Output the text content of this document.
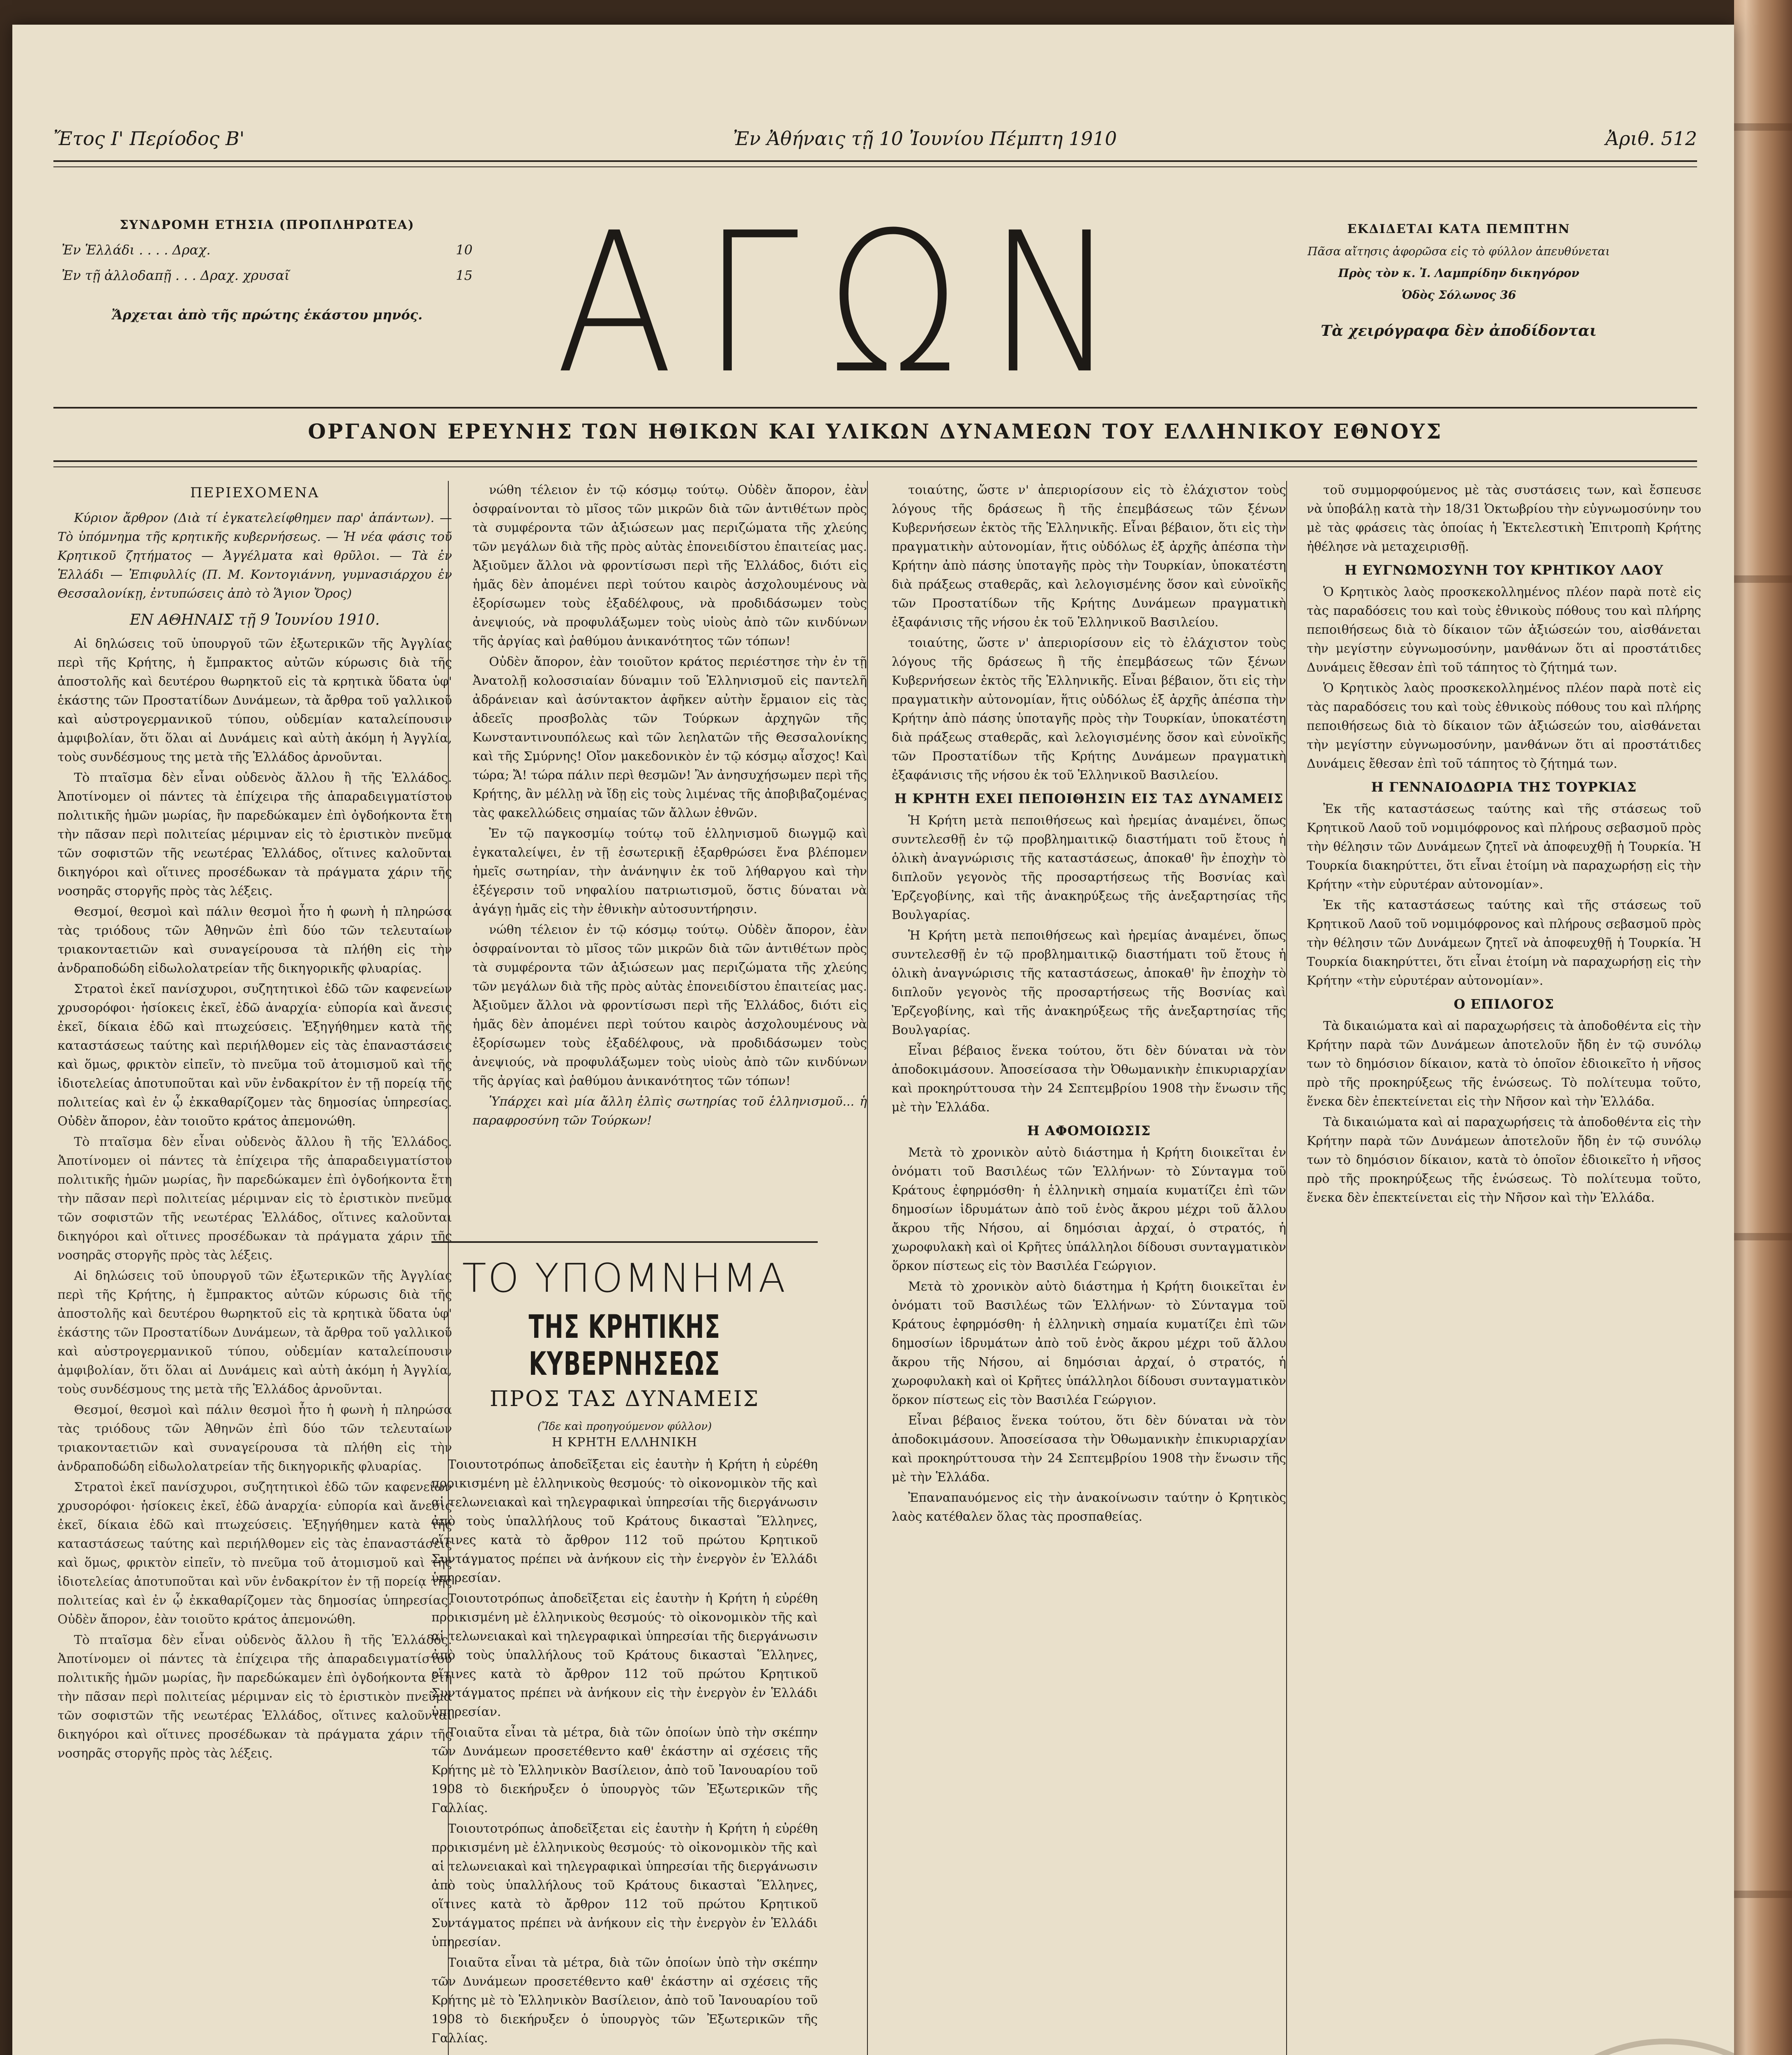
Ἔτος Ι' Περίοδος Β'	Ἐν Ἀθήναις τῇ 10 Ἰουνίου Πέμπτη 1910	Ἀριθ. 512
ΣΥΝΔΡΟΜΗ ΕΤΗΣΙΑ (ΠΡΟΠΛΗΡΩΤΕΑ)
Ἐν Ἑλλάδι . . . . Δραχ.	10
Ἐν τῇ ἀλλοδαπῇ . . . Δραχ. χρυσαῖ	15
Ἄρχεται ἀπὸ τῆς πρώτης ἑκάστου μηνός. ΑΓΩΝ	ΕΚΔΙΔΕΤΑΙ ΚΑΤΑ ΠΕΜΠΤΗΝ
Πᾶσα αἴτησις ἀφορῶσα εἰς τὸ φύλλον ἀπευθύνεται
Πρὸς τὸν κ. Ἰ. Λαμπρίδην δικηγόρον
Ὁδὸς Σόλωνος 36
Τὰ χειρόγραφα δὲν ἀποδίδονται
ΟΡΓΑΝΟΝ ΕΡΕΥΝΗΣ ΤΩΝ ΗΘΙΚΩΝ ΚΑΙ ΥΛΙΚΩΝ ΔΥΝΑΜΕΩΝ ΤΟΥ ΕΛΛΗΝΙΚΟΥ ΕΘΝΟΥΣ
ΠΕΡΙΕΧΟΜΕΝΑ

Κύριον ἄρθρον (Διὰ τί ἐγκατελείφθημεν παρ' ἁπάντων). — Τὸ ὑπόμνημα τῆς κρητικῆς κυβερνήσεως. — Ἡ νέα φάσις τοῦ Κρητικοῦ ζητήματος — Ἀγγέλματα καὶ θρῦλοι. — Τὰ ἐν Ἑλλάδι — Ἐπιφυλλίς (Π. Μ. Κοντογιάννη, γυμνασιάρχου ἐν Θεσσαλονίκῃ, ἐντυπώσεις ἀπὸ τὸ Ἅγιον Ὄρος)

ΕΝ ΑΘΗΝΑΙΣ τῇ 9 Ἰουνίου 1910.

Αἱ δηλώσεις τοῦ ὑπουργοῦ τῶν ἐξωτερικῶν τῆς Ἀγγλίας περὶ τῆς Κρήτης, ἡ ἔμπρακτος αὐτῶν κύρωσις διὰ τῆς ἀποστολῆς καὶ δευτέρου θωρηκτοῦ εἰς τὰ κρητικὰ ὕδατα ὑφ' ἑκάστης τῶν Προστατίδων Δυνάμεων, τὰ ἄρθρα τοῦ γαλλικοῦ καὶ αὐστρογερμανικοῦ τύπου, οὐδεμίαν καταλείπουσιν ἀμφιβολίαν, ὅτι ὅλαι αἱ Δυνάμεις καὶ αὐτὴ ἀκόμη ἡ Ἀγγλία, τοὺς συνδέσμους της μετὰ τῆς Ἑλλάδος ἀρνοῦνται.

Τὸ πταῖσμα δὲν εἶναι οὐδενὸς ἄλλου ἢ τῆς Ἑλλάδος. Ἀποτίνομεν οἱ πάντες τὰ ἐπίχειρα τῆς ἀπαραδειγματίστου πολιτικῆς ἡμῶν μωρίας, ἢν παρεδώκαμεν ἐπὶ ὀγδοήκοντα ἔτη τὴν πᾶσαν περὶ πολιτείας μέριμναν εἰς τὸ ἐριστικὸν πνεῦμα τῶν σοφιστῶν τῆς νεωτέρας Ἑλλάδος, οἵτινες καλοῦνται δικηγόροι καὶ οἵτινες προσέδωκαν τὰ πράγματα χάριν τῆς νοσηρᾶς στοργῆς πρὸς τὰς λέξεις.

Θεσμοί, θεσμοὶ καὶ πάλιν θεσμοὶ ἦτο ἡ φωνὴ ἡ πληρώσα τὰς τριόδους τῶν Ἀθηνῶν ἐπὶ δύο τῶν τελευταίων τριακονταετιῶν καὶ συναγείρουσα τὰ πλήθη εἰς τὴν ἀνδραποδώδη εἰδωλολατρείαν τῆς δικηγορικῆς φλυαρίας.

Στρατοὶ ἐκεῖ πανίσχυροι, συζητητικοὶ ἐδῶ τῶν καφενείων χρυσορόφοι· ἡσίοκεις ἐκεῖ, ἐδῶ ἀναρχία· εὐπορία καὶ ἄνεσις ἐκεῖ, δίκαια ἐδῶ καὶ πτωχεύσεις. Ἐξηγήθημεν κατὰ τῆς καταστάσεως ταύτης καὶ περιήλθομεν εἰς τὰς ἐπαναστάσεις καὶ ὅμως, φρικτὸν εἰπεῖν, τὸ πνεῦμα τοῦ ἀτομισμοῦ καὶ τῆς ἰδιοτελείας ἀποτυποῦται καὶ νῦν ἐνδακρίτον ἐν τῇ πορείᾳ τῆς πολιτείας καὶ ἐν ᾧ ἐκκαθαρίζομεν τὰς δημοσίας ὑπηρεσίας. Οὐδὲν ἄπορον, ἐὰν τοιοῦτο κράτος ἀπεμονώθη.

Τὸ πταῖσμα δὲν εἶναι οὐδενὸς ἄλλου ἢ τῆς Ἑλλάδος. Ἀποτίνομεν οἱ πάντες τὰ ἐπίχειρα τῆς ἀπαραδειγματίστου πολιτικῆς ἡμῶν μωρίας, ἢν παρεδώκαμεν ἐπὶ ὀγδοήκοντα ἔτη τὴν πᾶσαν περὶ πολιτείας μέριμναν εἰς τὸ ἐριστικὸν πνεῦμα τῶν σοφιστῶν τῆς νεωτέρας Ἑλλάδος, οἵτινες καλοῦνται δικηγόροι καὶ οἵτινες προσέδωκαν τὰ πράγματα χάριν τῆς νοσηρᾶς στοργῆς πρὸς τὰς λέξεις.

Αἱ δηλώσεις τοῦ ὑπουργοῦ τῶν ἐξωτερικῶν τῆς Ἀγγλίας περὶ τῆς Κρήτης, ἡ ἔμπρακτος αὐτῶν κύρωσις διὰ τῆς ἀποστολῆς καὶ δευτέρου θωρηκτοῦ εἰς τὰ κρητικὰ ὕδατα ὑφ' ἑκάστης τῶν Προστατίδων Δυνάμεων, τὰ ἄρθρα τοῦ γαλλικοῦ καὶ αὐστρογερμανικοῦ τύπου, οὐδεμίαν καταλείπουσιν ἀμφιβολίαν, ὅτι ὅλαι αἱ Δυνάμεις καὶ αὐτὴ ἀκόμη ἡ Ἀγγλία, τοὺς συνδέσμους της μετὰ τῆς Ἑλλάδος ἀρνοῦνται.

Θεσμοί, θεσμοὶ καὶ πάλιν θεσμοὶ ἦτο ἡ φωνὴ ἡ πληρώσα τὰς τριόδους τῶν Ἀθηνῶν ἐπὶ δύο τῶν τελευταίων τριακονταετιῶν καὶ συναγείρουσα τὰ πλήθη εἰς τὴν ἀνδραποδώδη εἰδωλολατρείαν τῆς δικηγορικῆς φλυαρίας.

Στρατοὶ ἐκεῖ πανίσχυροι, συζητητικοὶ ἐδῶ τῶν καφενείων χρυσορόφοι· ἡσίοκεις ἐκεῖ, ἐδῶ ἀναρχία· εὐπορία καὶ ἄνεσις ἐκεῖ, δίκαια ἐδῶ καὶ πτωχεύσεις. Ἐξηγήθημεν κατὰ τῆς καταστάσεως ταύτης καὶ περιήλθομεν εἰς τὰς ἐπαναστάσεις καὶ ὅμως, φρικτὸν εἰπεῖν, τὸ πνεῦμα τοῦ ἀτομισμοῦ καὶ τῆς ἰδιοτελείας ἀποτυποῦται καὶ νῦν ἐνδακρίτον ἐν τῇ πορείᾳ τῆς πολιτείας καὶ ἐν ᾧ ἐκκαθαρίζομεν τὰς δημοσίας ὑπηρεσίας. Οὐδὲν ἄπορον, ἐὰν τοιοῦτο κράτος ἀπεμονώθη.

Τὸ πταῖσμα δὲν εἶναι οὐδενὸς ἄλλου ἢ τῆς Ἑλλάδος. Ἀποτίνομεν οἱ πάντες τὰ ἐπίχειρα τῆς ἀπαραδειγματίστου πολιτικῆς ἡμῶν μωρίας, ἢν παρεδώκαμεν ἐπὶ ὀγδοήκοντα ἔτη τὴν πᾶσαν περὶ πολιτείας μέριμναν εἰς τὸ ἐριστικὸν πνεῦμα τῶν σοφιστῶν τῆς νεωτέρας Ἑλλάδος, οἵτινες καλοῦνται δικηγόροι καὶ οἵτινες προσέδωκαν τὰ πράγματα χάριν τῆς νοσηρᾶς στοργῆς πρὸς τὰς λέξεις.

νώθη τέλειον ἐν τῷ κόσμῳ τούτῳ. Οὐδὲν ἄπορον, ἐὰν ὀσφραίνονται τὸ μῖσος τῶν μικρῶν διὰ τῶν ἀντιθέτων πρὸς τὰ συμφέροντα τῶν ἀξιώσεων μας περιζώματα τῆς χλεύης τῶν μεγάλων διὰ τῆς πρὸς αὐτὰς ἐπονειδίστου ἐπαιτείας μας. Ἀξιοῦμεν ἄλλοι νὰ φροντίσωσι περὶ τῆς Ἑλλάδος, διότι εἰς ἡμᾶς δὲν ἀπομένει περὶ τούτου καιρὸς ἀσχολουμένους νὰ ἐξορίσωμεν τοὺς ἐξαδέλφους, νὰ προδιδάσωμεν τοὺς ἀνεψιούς, νὰ προφυλάξωμεν τοὺς υἱοὺς ἀπὸ τῶν κινδύνων τῆς ἀργίας καὶ ῥαθύμου ἀνικανότητος τῶν τόπων!

Οὐδὲν ἄπορον, ἐὰν τοιοῦτον κράτος περιέστησε τὴν ἐν τῇ Ἀνατολῇ κολοσσιαίαν δύναμιν τοῦ Ἑλληνισμοῦ εἰς παντελῆ ἀδράνειαν καὶ ἀσύντακτον ἀφῆκεν αὐτὴν ἔρμαιον εἰς τὰς ἀδεεῖς προσβολὰς τῶν Τούρκων ἀρχηγῶν τῆς Κωνσταντινουπόλεως καὶ τῶν λεηλατῶν τῆς Θεσσαλονίκης καὶ τῆς Σμύρνης! Οἴον μακεδονικὸν ἐν τῷ κόσμῳ αἶσχος! Καὶ τώρα; Ἄ! τώρα πάλιν περὶ θεσμῶν! Ἂν ἀνησυχήσωμεν περὶ τῆς Κρήτης, ἂν μέλλῃ νὰ ἴδῃ εἰς τοὺς λιμένας τῆς ἀποβιβαζομένας τὰς φακελλώδεις σημαίας τῶν ἄλλων ἐθνῶν.

Ἐν τῷ παγκοσμίῳ τούτῳ τοῦ ἑλληνισμοῦ διωγμῷ καὶ ἐγκαταλείψει, ἐν τῇ ἐσωτερικῇ ἐξαρθρώσει ἔνα βλέπομεν ἡμεῖς σωτηρίαν, τὴν ἀνάνηψιν ἐκ τοῦ λήθαργου καὶ τὴν ἐξέγερσιν τοῦ νηφαλίου πατριωτισμοῦ, ὅστις δύναται νὰ ἀγάγῃ ἡμᾶς εἰς τὴν ἐθνικὴν αὐτοσυντήρησιν.

νώθη τέλειον ἐν τῷ κόσμῳ τούτῳ. Οὐδὲν ἄπορον, ἐὰν ὀσφραίνονται τὸ μῖσος τῶν μικρῶν διὰ τῶν ἀντιθέτων πρὸς τὰ συμφέροντα τῶν ἀξιώσεων μας περιζώματα τῆς χλεύης τῶν μεγάλων διὰ τῆς πρὸς αὐτὰς ἐπονειδίστου ἐπαιτείας μας. Ἀξιοῦμεν ἄλλοι νὰ φροντίσωσι περὶ τῆς Ἑλλάδος, διότι εἰς ἡμᾶς δὲν ἀπομένει περὶ τούτου καιρὸς ἀσχολουμένους νὰ ἐξορίσωμεν τοὺς ἐξαδέλφους, νὰ προδιδάσωμεν τοὺς ἀνεψιούς, νὰ προφυλάξωμεν τοὺς υἱοὺς ἀπὸ τῶν κινδύνων τῆς ἀργίας καὶ ῥαθύμου ἀνικανότητος τῶν τόπων!

Ὑπάρχει καὶ μία ἄλλη ἐλπὶς σωτηρίας τοῦ ἑλληνισμοῦ... ἡ παραφροσύνη τῶν Τούρκων!

τοιαύτης, ὥστε ν' ἀπεριορίσουν εἰς τὸ ἐλάχιστον τοὺς λόγους τῆς δράσεως ἢ τῆς ἐπεμβάσεως τῶν ξένων Κυβερνήσεων ἐκτὸς τῆς Ἑλληνικῆς. Εἶναι βέβαιον, ὅτι εἰς τὴν πραγματικὴν αὐτονομίαν, ἥτις οὐδόλως ἐξ ἀρχῆς ἀπέσπα τὴν Κρήτην ἀπὸ πάσης ὑποταγῆς πρὸς τὴν Τουρκίαν, ὑποκατέστη διὰ πράξεως σταθερᾶς, καὶ λελογισμένης ὅσον καὶ εὐνοϊκῆς τῶν Προστατίδων τῆς Κρήτης Δυνάμεων πραγματικὴ ἐξαφάνισις τῆς νήσου ἐκ τοῦ Ἑλληνικοῦ Βασιλείου.

τοιαύτης, ὥστε ν' ἀπεριορίσουν εἰς τὸ ἐλάχιστον τοὺς λόγους τῆς δράσεως ἢ τῆς ἐπεμβάσεως τῶν ξένων Κυβερνήσεων ἐκτὸς τῆς Ἑλληνικῆς. Εἶναι βέβαιον, ὅτι εἰς τὴν πραγματικὴν αὐτονομίαν, ἥτις οὐδόλως ἐξ ἀρχῆς ἀπέσπα τὴν Κρήτην ἀπὸ πάσης ὑποταγῆς πρὸς τὴν Τουρκίαν, ὑποκατέστη διὰ πράξεως σταθερᾶς, καὶ λελογισμένης ὅσον καὶ εὐνοϊκῆς τῶν Προστατίδων τῆς Κρήτης Δυνάμεων πραγματικὴ ἐξαφάνισις τῆς νήσου ἐκ τοῦ Ἑλληνικοῦ Βασιλείου.

Η ΚΡΗΤΗ ΕΧΕΙ ΠΕΠΟΙΘΗΣΙΝ ΕΙΣ ΤΑΣ ΔΥΝΑΜΕΙΣ

Ἡ Κρήτη μετὰ πεποιθήσεως καὶ ἠρεμίας ἀναμένει, ὅπως συντελεσθῇ ἐν τῷ προβλημαιτικῷ διαστήματι τοῦ ἔτους ἡ ὁλικὴ ἀναγνώρισις τῆς καταστάσεως, ἀποκαθ' ἣν ἐποχὴν τὸ διπλοῦν γεγονὸς τῆς προσαρτήσεως τῆς Βοσνίας καὶ Ἐρζεγοβίνης, καὶ τῆς ἀνακηρύξεως τῆς ἀνεξαρτησίας τῆς Βουλγαρίας.

Ἡ Κρήτη μετὰ πεποιθήσεως καὶ ἠρεμίας ἀναμένει, ὅπως συντελεσθῇ ἐν τῷ προβλημαιτικῷ διαστήματι τοῦ ἔτους ἡ ὁλικὴ ἀναγνώρισις τῆς καταστάσεως, ἀποκαθ' ἣν ἐποχὴν τὸ διπλοῦν γεγονὸς τῆς προσαρτήσεως τῆς Βοσνίας καὶ Ἐρζεγοβίνης, καὶ τῆς ἀνακηρύξεως τῆς ἀνεξαρτησίας τῆς Βουλγαρίας.

Εἶναι βέβαιος ἕνεκα τούτου, ὅτι δὲν δύναται νὰ τὸν ἀποδοκιμάσουν. Ἀποσείσασα τὴν Ὀθωμανικὴν ἐπικυριαρχίαν καὶ προκηρύττουσα τὴν 24 Σεπτεμβρίου 1908 τὴν ἕνωσιν τῆς μὲ τὴν Ἑλλάδα.

Η ΑΦΟΜΟΙΩΣΙΣ

Μετὰ τὸ χρονικὸν αὐτὸ διάστημα ἡ Κρήτη διοικεῖται ἐν ὀνόματι τοῦ Βασιλέως τῶν Ἑλλήνων· τὸ Σύνταγμα τοῦ Κράτους ἐφηρμόσθη· ἡ ἑλληνικὴ σημαία κυματίζει ἐπὶ τῶν δημοσίων ἱδρυμάτων ἀπὸ τοῦ ἑνὸς ἄκρου μέχρι τοῦ ἄλλου ἄκρου τῆς Νήσου, αἱ δημόσιαι ἀρχαί, ὁ στρατός, ἡ χωροφυλακὴ καὶ οἱ Κρῆτες ὑπάλληλοι δίδουσι συνταγματικὸν ὅρκον πίστεως εἰς τὸν Βασιλέα Γεώργιον.

Μετὰ τὸ χρονικὸν αὐτὸ διάστημα ἡ Κρήτη διοικεῖται ἐν ὀνόματι τοῦ Βασιλέως τῶν Ἑλλήνων· τὸ Σύνταγμα τοῦ Κράτους ἐφηρμόσθη· ἡ ἑλληνικὴ σημαία κυματίζει ἐπὶ τῶν δημοσίων ἱδρυμάτων ἀπὸ τοῦ ἑνὸς ἄκρου μέχρι τοῦ ἄλλου ἄκρου τῆς Νήσου, αἱ δημόσιαι ἀρχαί, ὁ στρατός, ἡ χωροφυλακὴ καὶ οἱ Κρῆτες ὑπάλληλοι δίδουσι συνταγματικὸν ὅρκον πίστεως εἰς τὸν Βασιλέα Γεώργιον.

Εἶναι βέβαιος ἕνεκα τούτου, ὅτι δὲν δύναται νὰ τὸν ἀποδοκιμάσουν. Ἀποσείσασα τὴν Ὀθωμανικὴν ἐπικυριαρχίαν καὶ προκηρύττουσα τὴν 24 Σεπτεμβρίου 1908 τὴν ἕνωσιν τῆς μὲ τὴν Ἑλλάδα.

Ἐπαναπαυόμενος εἰς τὴν ἀνακοίνωσιν ταύτην ὁ Κρητικὸς λαὸς κατέθαλεν ὅλας τὰς προσπαθείας.

τοῦ συμμορφούμενος μὲ τὰς συστάσεις των, καὶ ἔσπευσε νὰ ὑποβάλῃ κατὰ τὴν 18/31 Ὀκτωβρίου τὴν εὐγνωμοσύνην του μὲ τὰς φράσεις τὰς ὁποίας ἡ Ἐκτελεστικὴ Ἐπιτροπὴ Κρήτης ἠθέλησε νὰ μεταχειρισθῇ.

Η ΕΥΓΝΩΜΟΣΥΝΗ ΤΟΥ ΚΡΗΤΙΚΟΥ ΛΑΟΥ

Ὁ Κρητικὸς λαὸς προσκεκολλημένος πλέον παρὰ ποτὲ εἰς τὰς παραδόσεις του καὶ τοὺς ἐθνικοὺς πόθους του καὶ πλήρης πεποιθήσεως διὰ τὸ δίκαιον τῶν ἀξιώσεών του, αἰσθάνεται τὴν μεγίστην εὐγνωμοσύνην, μανθάνων ὅτι αἱ προστάτιδες Δυνάμεις ἔθεσαν ἐπὶ τοῦ τάπητος τὸ ζήτημά των.

Ὁ Κρητικὸς λαὸς προσκεκολλημένος πλέον παρὰ ποτὲ εἰς τὰς παραδόσεις του καὶ τοὺς ἐθνικοὺς πόθους του καὶ πλήρης πεποιθήσεως διὰ τὸ δίκαιον τῶν ἀξιώσεών του, αἰσθάνεται τὴν μεγίστην εὐγνωμοσύνην, μανθάνων ὅτι αἱ προστάτιδες Δυνάμεις ἔθεσαν ἐπὶ τοῦ τάπητος τὸ ζήτημά των.

Η ΓΕΝΝΑΙΟΔΩΡΙΑ ΤΗΣ ΤΟΥΡΚΙΑΣ

Ἐκ τῆς καταστάσεως ταύτης καὶ τῆς στάσεως τοῦ Κρητικοῦ Λαοῦ τοῦ νομιμόφρονος καὶ πλήρους σεβασμοῦ πρὸς τὴν θέλησιν τῶν Δυνάμεων ζητεῖ νὰ ἀποφευχθῇ ἡ Τουρκία. Ἡ Τουρκία διακηρύττει, ὅτι εἶναι ἑτοίμη νὰ παραχωρήσῃ εἰς τὴν Κρήτην «τὴν εὐρυτέραν αὐτονομίαν».

Ἐκ τῆς καταστάσεως ταύτης καὶ τῆς στάσεως τοῦ Κρητικοῦ Λαοῦ τοῦ νομιμόφρονος καὶ πλήρους σεβασμοῦ πρὸς τὴν θέλησιν τῶν Δυνάμεων ζητεῖ νὰ ἀποφευχθῇ ἡ Τουρκία. Ἡ Τουρκία διακηρύττει, ὅτι εἶναι ἑτοίμη νὰ παραχωρήσῃ εἰς τὴν Κρήτην «τὴν εὐρυτέραν αὐτονομίαν».

Ο ΕΠΙΛΟΓΟΣ

Τὰ δικαιώματα καὶ αἱ παραχωρήσεις τὰ ἀποδοθέντα εἰς τὴν Κρήτην παρὰ τῶν Δυνάμεων ἀποτελοῦν ἤδη ἐν τῷ συνόλῳ των τὸ δημόσιον δίκαιον, κατὰ τὸ ὁποῖον ἐδιοικεῖτο ἡ νῆσος πρὸ τῆς προκηρύξεως τῆς ἑνώσεως. Τὸ πολίτευμα τοῦτο, ἕνεκα δὲν ἐπεκτείνεται εἰς τὴν Νῆσον καὶ τὴν Ἑλλάδα.

Τὰ δικαιώματα καὶ αἱ παραχωρήσεις τὰ ἀποδοθέντα εἰς τὴν Κρήτην παρὰ τῶν Δυνάμεων ἀποτελοῦν ἤδη ἐν τῷ συνόλῳ των τὸ δημόσιον δίκαιον, κατὰ τὸ ὁποῖον ἐδιοικεῖτο ἡ νῆσος πρὸ τῆς προκηρύξεως τῆς ἑνώσεως. Τὸ πολίτευμα τοῦτο, ἕνεκα δὲν ἐπεκτείνεται εἰς τὴν Νῆσον καὶ τὴν Ἑλλάδα.

ΤΟ ΥΠΟΜΝΗΜΑ
ΤΗΣ ΚΡΗΤΙΚΗΣ ΚΥΒΕΡΝΗΣΕΩΣ
ΠΡΟΣ ΤΑΣ ΔΥΝΑΜΕΙΣ
(Ἴδε καὶ προηγούμενον φύλλον)
Η ΚΡΗΤΗ ΕΛΛΗΝΙΚΗ

Τοιουτοτρόπως ἀποδεῖξεται εἰς ἑαυτὴν ἡ Κρήτη ἡ εὐρέθη προικισμένη μὲ ἑλληνικοὺς θεσμούς· τὸ οἰκονομικὸν τῆς καὶ αἱ τελωνειακαὶ καὶ τηλεγραφικαὶ ὑπηρεσίαι τῆς διεργάνωσιν ἀπὸ τοὺς ὑπαλλήλους τοῦ Κράτους δικασταὶ Ἕλληνες, οἵτινες κατὰ τὸ ἄρθρον 112 τοῦ πρώτου Κρητικοῦ Συντάγματος πρέπει νὰ ἀνήκουν εἰς τὴν ἐνεργὸν ἐν Ἑλλάδι ὑπηρεσίαν.

Τοιουτοτρόπως ἀποδεῖξεται εἰς ἑαυτὴν ἡ Κρήτη ἡ εὐρέθη προικισμένη μὲ ἑλληνικοὺς θεσμούς· τὸ οἰκονομικὸν τῆς καὶ αἱ τελωνειακαὶ καὶ τηλεγραφικαὶ ὑπηρεσίαι τῆς διεργάνωσιν ἀπὸ τοὺς ὑπαλλήλους τοῦ Κράτους δικασταὶ Ἕλληνες, οἵτινες κατὰ τὸ ἄρθρον 112 τοῦ πρώτου Κρητικοῦ Συντάγματος πρέπει νὰ ἀνήκουν εἰς τὴν ἐνεργὸν ἐν Ἑλλάδι ὑπηρεσίαν.

Τοιαῦτα εἶναι τὰ μέτρα, διὰ τῶν ὁποίων ὑπὸ τὴν σκέπην τῶν Δυνάμεων προσετέθεντο καθ' ἑκάστην αἱ σχέσεις τῆς Κρήτης μὲ τὸ Ἑλληνικὸν Βασίλειον, ἀπὸ τοῦ Ἰανουαρίου τοῦ 1908 τὸ διεκήρυξεν ὁ ὑπουργὸς τῶν Ἐξωτερικῶν τῆς Γαλλίας.

Τοιουτοτρόπως ἀποδεῖξεται εἰς ἑαυτὴν ἡ Κρήτη ἡ εὐρέθη προικισμένη μὲ ἑλληνικοὺς θεσμούς· τὸ οἰκονομικὸν τῆς καὶ αἱ τελωνειακαὶ καὶ τηλεγραφικαὶ ὑπηρεσίαι τῆς διεργάνωσιν ἀπὸ τοὺς ὑπαλλήλους τοῦ Κράτους δικασταὶ Ἕλληνες, οἵτινες κατὰ τὸ ἄρθρον 112 τοῦ πρώτου Κρητικοῦ Συντάγματος πρέπει νὰ ἀνήκουν εἰς τὴν ἐνεργὸν ἐν Ἑλλάδι ὑπηρεσίαν.

Τοιαῦτα εἶναι τὰ μέτρα, διὰ τῶν ὁποίων ὑπὸ τὴν σκέπην τῶν Δυνάμεων προσετέθεντο καθ' ἑκάστην αἱ σχέσεις τῆς Κρήτης μὲ τὸ Ἑλληνικὸν Βασίλειον, ἀπὸ τοῦ Ἰανουαρίου τοῦ 1908 τὸ διεκήρυξεν ὁ ὑπουργὸς τῶν Ἐξωτερικῶν τῆς Γαλλίας.
